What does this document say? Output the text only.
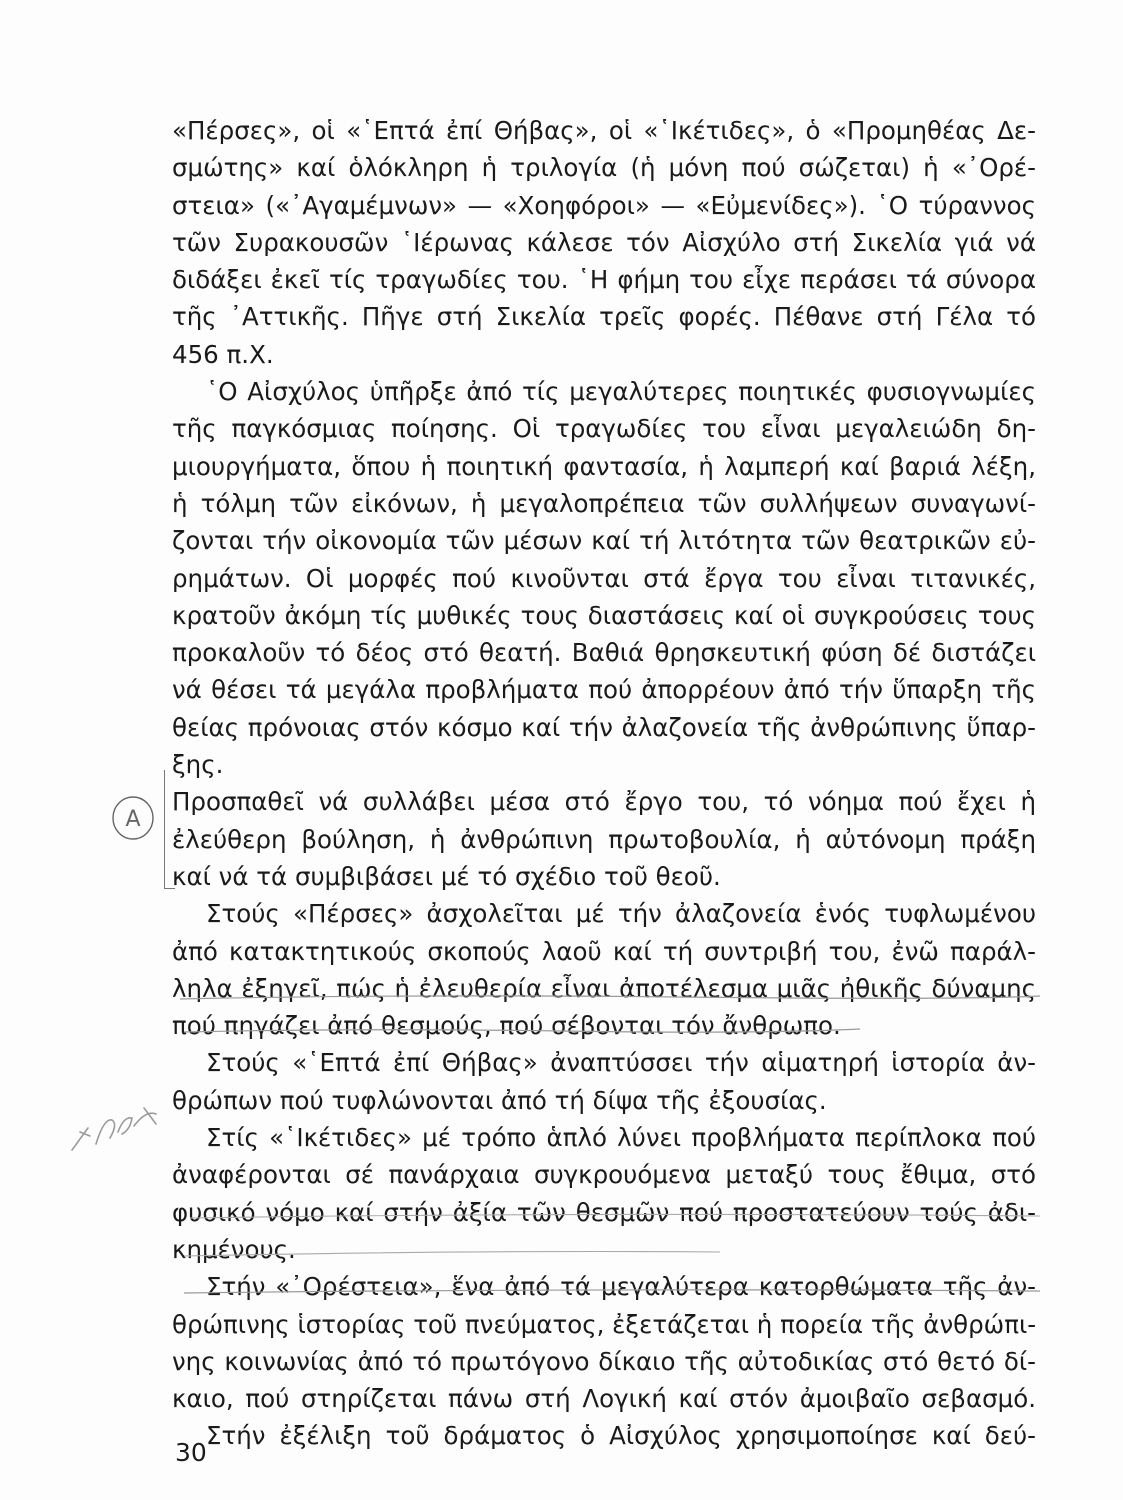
«Πέρσες», οἱ «῾Επτά ἐπί Θήβας», οἱ «῾Ικέτιδες», ὁ «Προμηθέας Δε-
σμώτης» καί ὁλόκληρη ἡ τριλογία (ἡ μόνη πού σώζεται) ἡ «᾿Ορέ-
στεια» («᾿Αγαμέμνων» — «Χοηφόροι» — «Εὐμενίδες»). ῾Ο τύραννος
τῶν Συρακουσῶν ῾Ιέρωνας κάλεσε τόν Αἰσχύλο στή Σικελία γιά νά
διδάξει ἐκεῖ τίς τραγωδίες του. ῾Η φήμη του εἶχε περάσει τά σύνορα
τῆς ᾿Αττικῆς. Πῆγε στή Σικελία τρεῖς φορές. Πέθανε στή Γέλα τό
456 π.Χ.
῾Ο Αἰσχύλος ὑπῆρξε ἀπό τίς μεγαλύτερες ποιητικές φυσιογνωμίες
τῆς παγκόσμιας ποίησης. Οἱ τραγωδίες του εἶναι μεγαλειώδη δη-
μιουργήματα, ὅπου ἡ ποιητική φαντασία, ἡ λαμπερή καί βαριά λέξη,
ἡ τόλμη τῶν εἰκόνων, ἡ μεγαλοπρέπεια τῶν συλλήψεων συναγωνί-
ζονται τήν οἰκονομία τῶν μέσων καί τή λιτότητα τῶν θεατρικῶν εὐ-
ρημάτων. Οἱ μορφές πού κινοῦνται στά ἔργα του εἶναι τιτανικές,
κρατοῦν ἀκόμη τίς μυθικές τους διαστάσεις καί οἱ συγκρούσεις τους
προκαλοῦν τό δέος στό θεατή. Βαθιά θρησκευτική φύση δέ διστάζει
νά θέσει τά μεγάλα προβλήματα πού ἀπορρέουν ἀπό τήν ὕπαρξη τῆς
θείας πρόνοιας στόν κόσμο καί τήν ἀλαζονεία τῆς ἀνθρώπινης ὕπαρ-
ξης.
Προσπαθεῖ νά συλλάβει μέσα στό ἔργο του, τό νόημα πού ἔχει ἡ
ἐλεύθερη βούληση, ἡ ἀνθρώπινη πρωτοβουλία, ἡ αὐτόνομη πράξη
καί νά τά συμβιβάσει μέ τό σχέδιο τοῦ θεοῦ.
Στούς «Πέρσες» ἀσχολεῖται μέ τήν ἀλαζονεία ἑνός τυφλωμένου
ἀπό κατακτητικούς σκοπούς λαοῦ καί τή συντριβή του, ἐνῶ παράλ-
ληλα ἐξηγεῖ, πώς ἡ ἐλευθερία εἶναι ἀποτέλεσμα μιᾶς ἠθικῆς δύναμης
πού πηγάζει ἀπό θεσμούς, πού σέβονται τόν ἄνθρωπο.
Στούς «῾Επτά ἐπί Θήβας» ἀναπτύσσει τήν αἱματηρή ἱστορία ἀν-
θρώπων πού τυφλώνονται ἀπό τή δίψα τῆς ἐξουσίας.
Στίς «῾Ικέτιδες» μέ τρόπο ἁπλό λύνει προβλήματα περίπλοκα πού
ἀναφέρονται σέ πανάρχαια συγκρουόμενα μεταξύ τους ἔθιμα, στό
φυσικό νόμο καί στήν ἀξία τῶν θεσμῶν πού προστατεύουν τούς ἀδι-
κημένους.
Στήν «᾿Ορέστεια», ἕνα ἀπό τά μεγαλύτερα κατορθώματα τῆς ἀν-
θρώπινης ἱστορίας τοῦ πνεύματος, ἐξετάζεται ἡ πορεία τῆς ἀνθρώπι-
νης κοινωνίας ἀπό τό πρωτόγονο δίκαιο τῆς αὐτοδικίας στό θετό δί-
καιο, πού στηρίζεται πάνω στή Λογική καί στόν ἀμοιβαῖο σεβασμό.
Στήν ἐξέλιξη τοῦ δράματος ὁ Αἰσχύλος χρησιμοποίησε καί δεύ-
A
30
